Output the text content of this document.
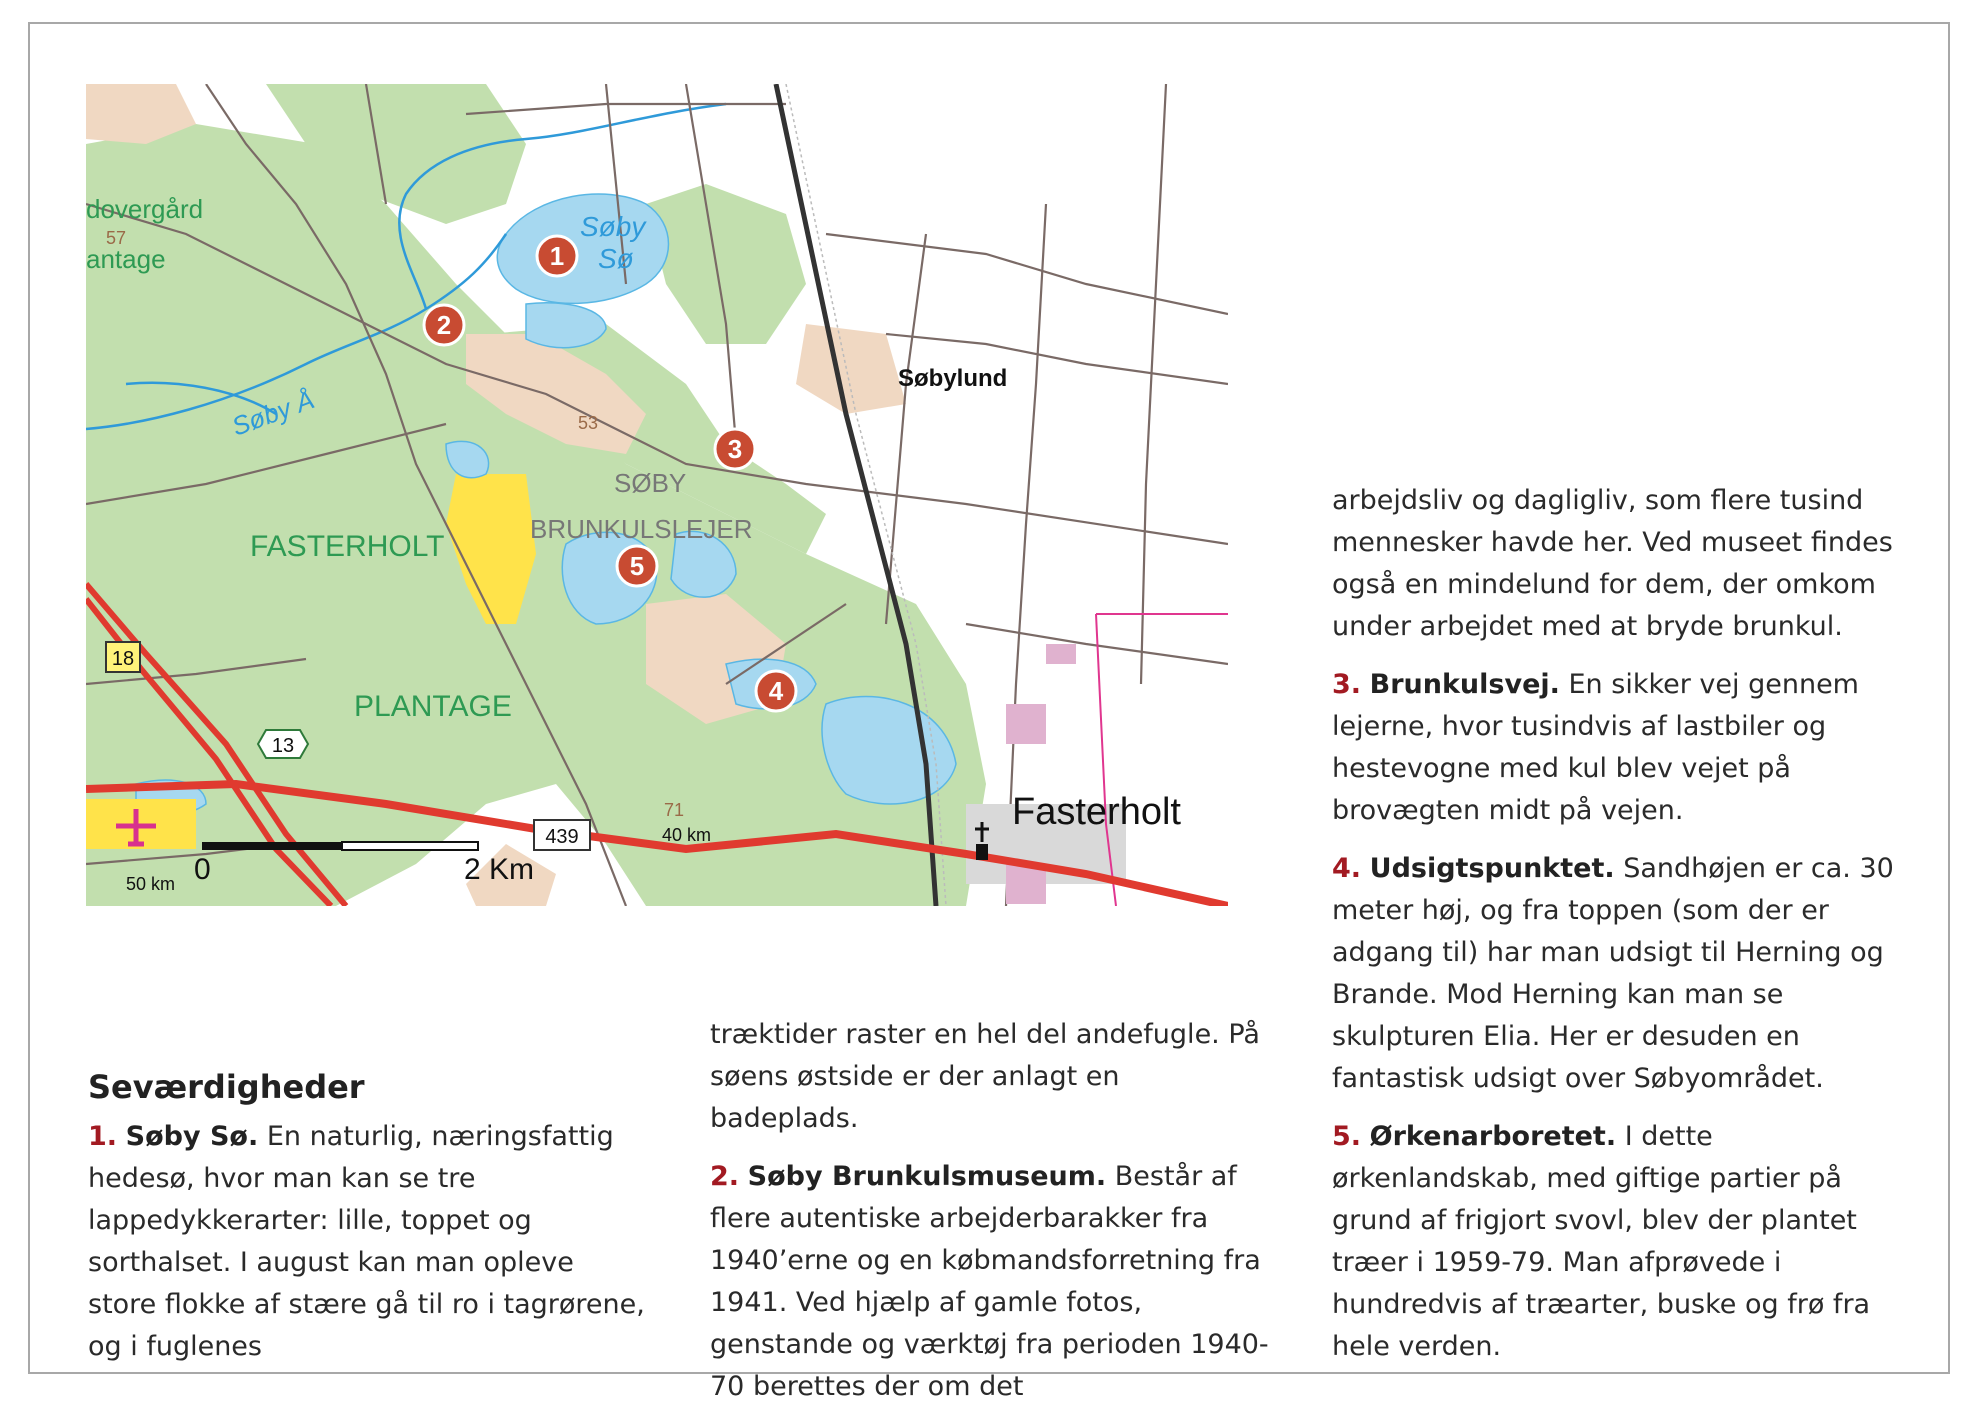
0	2 Km
18
13
439	40 km
50 km
57
53
71
dovergård
antage
Søby
Sø
Søby Å
Søbylund
SØBY
BRUNKULSLEJER
FASTERHOLT
PLANTAGE
Fasterholt
1
2
3
4
5
Seværdigheder

1. Søby Sø. En naturlig, næringsfattig hedesø, hvor man kan se tre lappedykkerarter: lille, toppet og sorthalset. I august kan man opleve store flokke af stære gå til ro i tagrørene, og i fuglenes

træktider raster en hel del andefugle. På søens østside er der anlagt en badeplads.

2. Søby Brunkulsmuseum. Består af flere autentiske arbejderbarakker fra 1940’erne og en købmandsforretning fra 1941. Ved hjælp af gamle fotos, genstande og værktøj fra perioden 1940-70 berettes der om det

arbejdsliv og dagligliv, som flere tusind mennesker havde her. Ved museet findes også en mindelund for dem, der omkom under arbejdet med at bryde brunkul.

3. Brunkulsvej. En sikker vej gennem lejerne, hvor tusindvis af lastbiler og hestevogne med kul blev vejet på brovægten midt på vejen.

4. Udsigtspunktet. Sandhøjen er ca. 30 meter høj, og fra toppen (som der er adgang til) har man udsigt til Herning og Brande. Mod Herning kan man se skulpturen Elia. Her er desuden en fantastisk udsigt over Søbyområdet.

5. Ørkenarboretet. I dette ørkenlandskab, med giftige partier på grund af frigjort svovl, blev der plantet træer i 1959-79. Man afprøvede i hundredvis af træarter, buske og frø fra hele verden.
